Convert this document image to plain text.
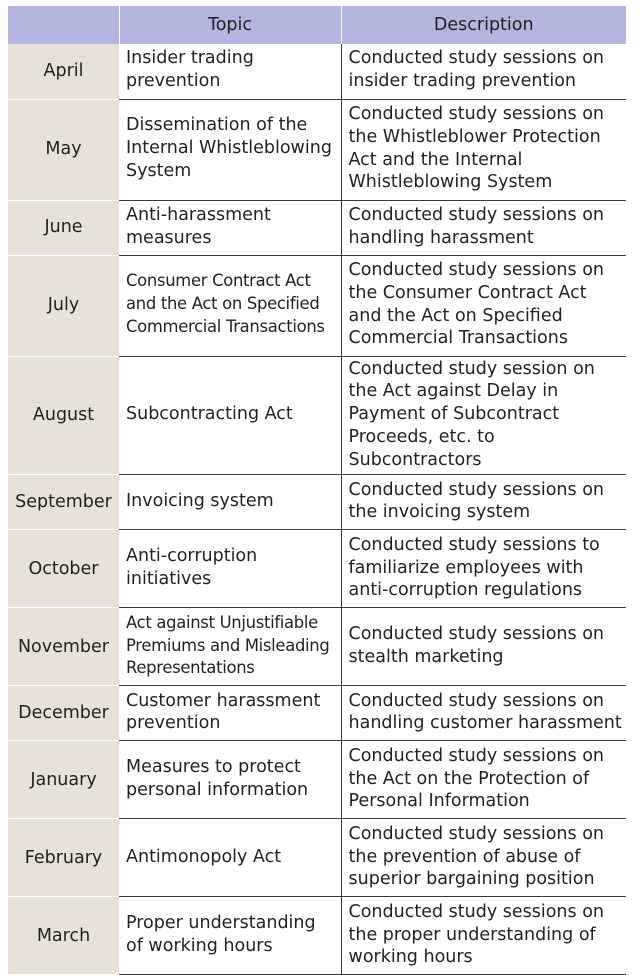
	Topic	Description
April	Insider trading prevention	Conducted study sessions on insider trading prevention
May	Dissemination of the Internal Whistleblowing System	Conducted study sessions on the Whistleblower Protection Act and the Internal Whistleblowing System
June	Anti-harassment measures	Conducted study sessions on handling harassment
July	Consumer Contract Act and the Act on Specified Commercial Transactions	Conducted study sessions on the Consumer Contract Act and the Act on Specified Commercial Transactions
August	Subcontracting Act	Conducted study session on the Act against Delay in Payment of Subcontract Proceeds, etc. to Subcontractors
September	Invoicing system	Conducted study sessions on the invoicing system
October	Anti-corruption initiatives	Conducted study sessions to familiarize employees with anti-corruption regulations
November	Act against Unjustifiable Premiums and Misleading Representations	Conducted study sessions on stealth marketing
December	Customer harassment prevention	Conducted study sessions on handling customer harassment
January	Measures to protect personal information	Conducted study sessions on the Act on the Protection of Personal Information
February	Antimonopoly Act	Conducted study sessions on the prevention of abuse of superior bargaining position
March	Proper understanding of working hours	Conducted study sessions on the proper understanding of working hours
